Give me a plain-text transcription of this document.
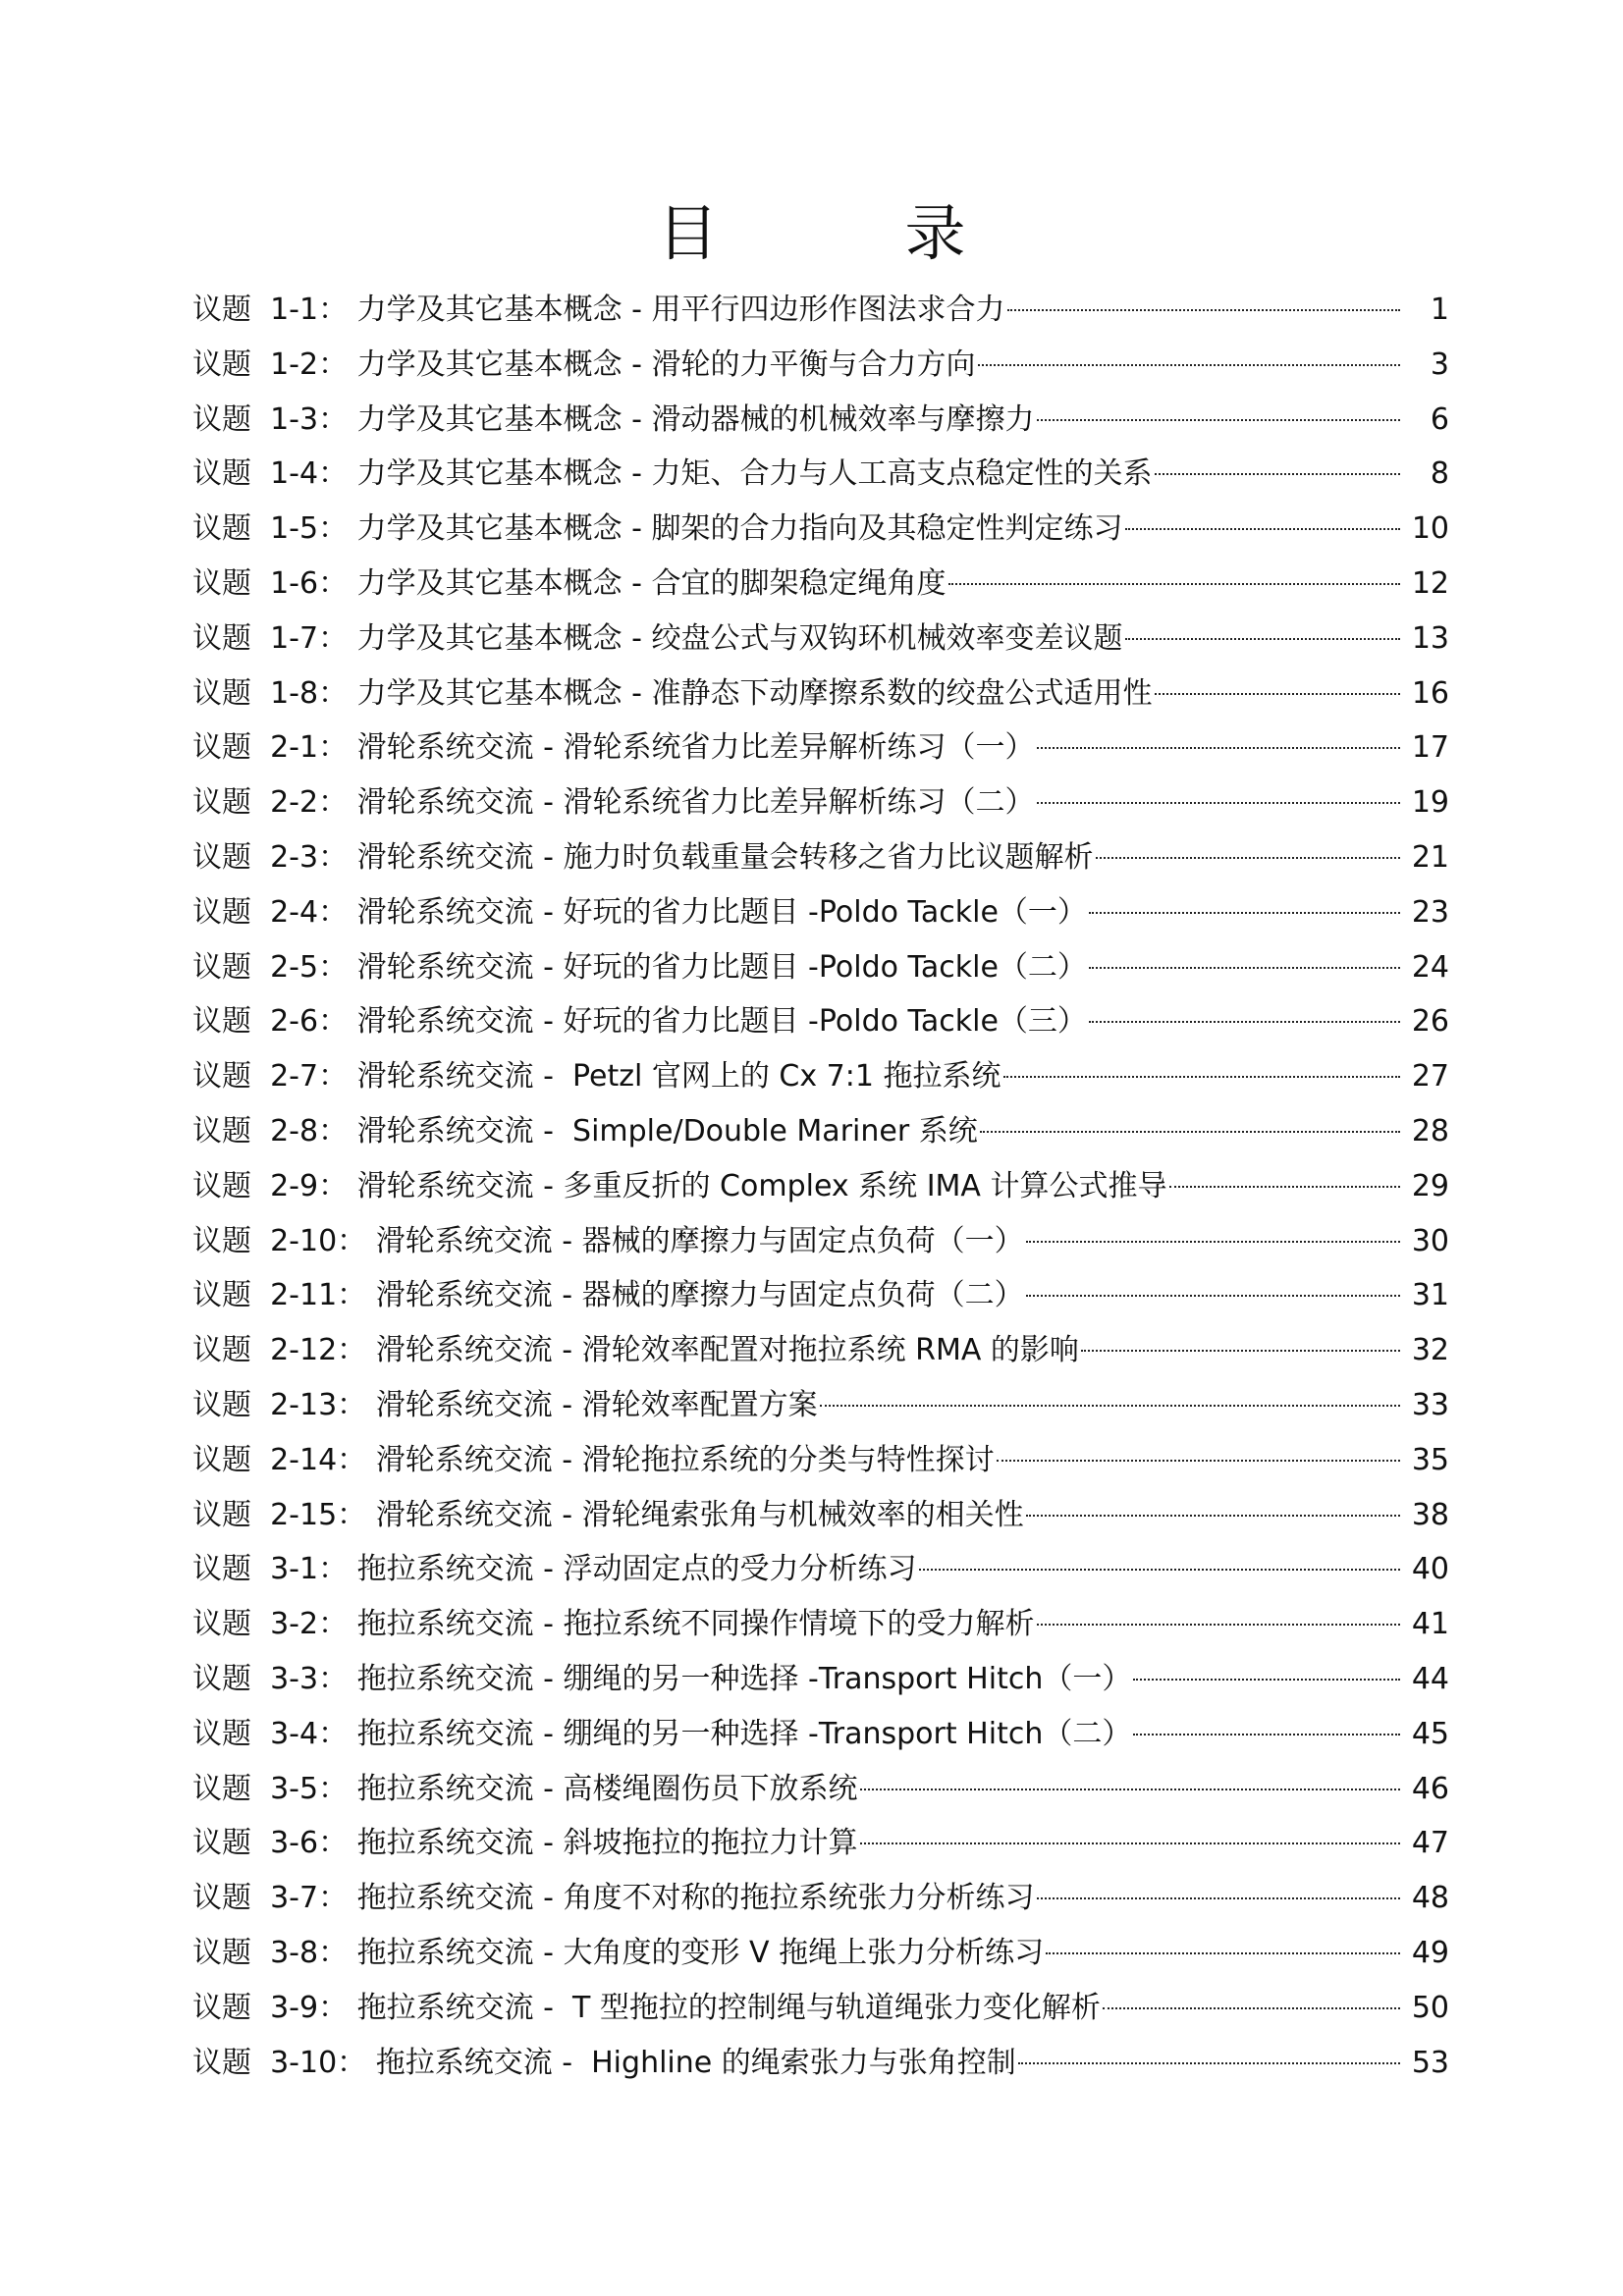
目	录
议题  1-1： 力学及其它基本概念 - 用平行四边形作图法求合力	1
议题  1-2： 力学及其它基本概念 - 滑轮的力平衡与合力方向	3
议题  1-3： 力学及其它基本概念 - 滑动器械的机械效率与摩擦力	6
议题  1-4： 力学及其它基本概念 - 力矩、合力与人工高支点稳定性的关系	8
议题  1-5： 力学及其它基本概念 - 脚架的合力指向及其稳定性判定练习	10
议题  1-6： 力学及其它基本概念 - 合宜的脚架稳定绳角度	12
议题  1-7： 力学及其它基本概念 - 绞盘公式与双钩环机械效率变差议题	13
议题  1-8： 力学及其它基本概念 - 准静态下动摩擦系数的绞盘公式适用性	16
议题  2-1： 滑轮系统交流 - 滑轮系统省力比差异解析练习（一）	17
议题  2-2： 滑轮系统交流 - 滑轮系统省力比差异解析练习（二）	19
议题  2-3： 滑轮系统交流 - 施力时负载重量会转移之省力比议题解析	21
议题  2-4： 滑轮系统交流 - 好玩的省力比题目 -Poldo Tackle（一）	23
议题  2-5： 滑轮系统交流 - 好玩的省力比题目 -Poldo Tackle（二）	24
议题  2-6： 滑轮系统交流 - 好玩的省力比题目 -Poldo Tackle（三）	26
议题  2-7： 滑轮系统交流 -  Petzl 官网上的 Cx 7:1 拖拉系统	27
议题  2-8： 滑轮系统交流 -  Simple/Double Mariner 系统	28
议题  2-9： 滑轮系统交流 - 多重反折的 Complex 系统 IMA 计算公式推导	29
议题  2-10： 滑轮系统交流 - 器械的摩擦力与固定点负荷（一）	30
议题  2-11： 滑轮系统交流 - 器械的摩擦力与固定点负荷（二）	31
议题  2-12： 滑轮系统交流 - 滑轮效率配置对拖拉系统 RMA 的影响	32
议题  2-13： 滑轮系统交流 - 滑轮效率配置方案	33
议题  2-14： 滑轮系统交流 - 滑轮拖拉系统的分类与特性探讨	35
议题  2-15： 滑轮系统交流 - 滑轮绳索张角与机械效率的相关性	38
议题  3-1： 拖拉系统交流 - 浮动固定点的受力分析练习	40
议题  3-2： 拖拉系统交流 - 拖拉系统不同操作情境下的受力解析	41
议题  3-3： 拖拉系统交流 - 绷绳的另一种选择 -Transport Hitch（一）	44
议题  3-4： 拖拉系统交流 - 绷绳的另一种选择 -Transport Hitch（二）	45
议题  3-5： 拖拉系统交流 - 高楼绳圈伤员下放系统	46
议题  3-6： 拖拉系统交流 - 斜坡拖拉的拖拉力计算	47
议题  3-7： 拖拉系统交流 - 角度不对称的拖拉系统张力分析练习	48
议题  3-8： 拖拉系统交流 - 大角度的变形 V 拖绳上张力分析练习	49
议题  3-9： 拖拉系统交流 -  T 型拖拉的控制绳与轨道绳张力变化解析	50
议题  3-10： 拖拉系统交流 -  Highline 的绳索张力与张角控制	53
